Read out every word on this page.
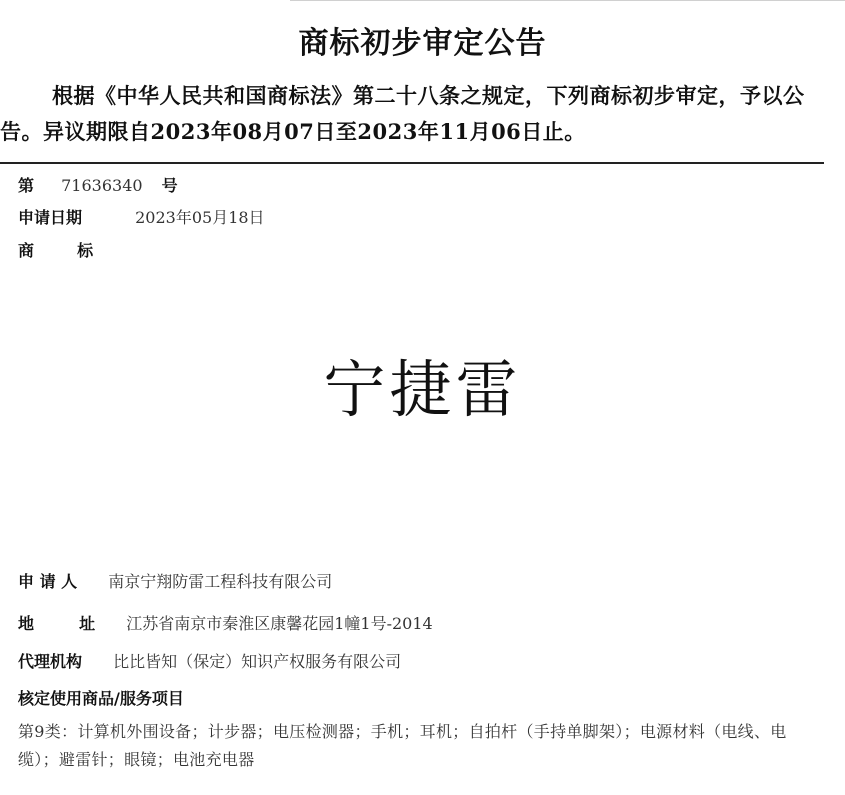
商标初步审定公告
根据《中华人民共和国商标法》第二十八条之规定，下列商标初步审定，予以公告。异议期限自2023年08月07日至2023年11月06日止。
第 71636340 号
申请日期	2023年05月18日
商	标
宁捷雷
申 请 人 南京宁翔防雷工程科技有限公司
地	址 江苏省南京市秦淮区康馨花园1幢1号-2014
代理机构 比比皆知（保定）知识产权服务有限公司
核定使用商品/服务项目
第9类：计算机外围设备；计步器；电压检测器；手机；耳机；自拍杆（手持单脚架）；电源材料（电线、电缆）；避雷针；眼镜；电池充电器
